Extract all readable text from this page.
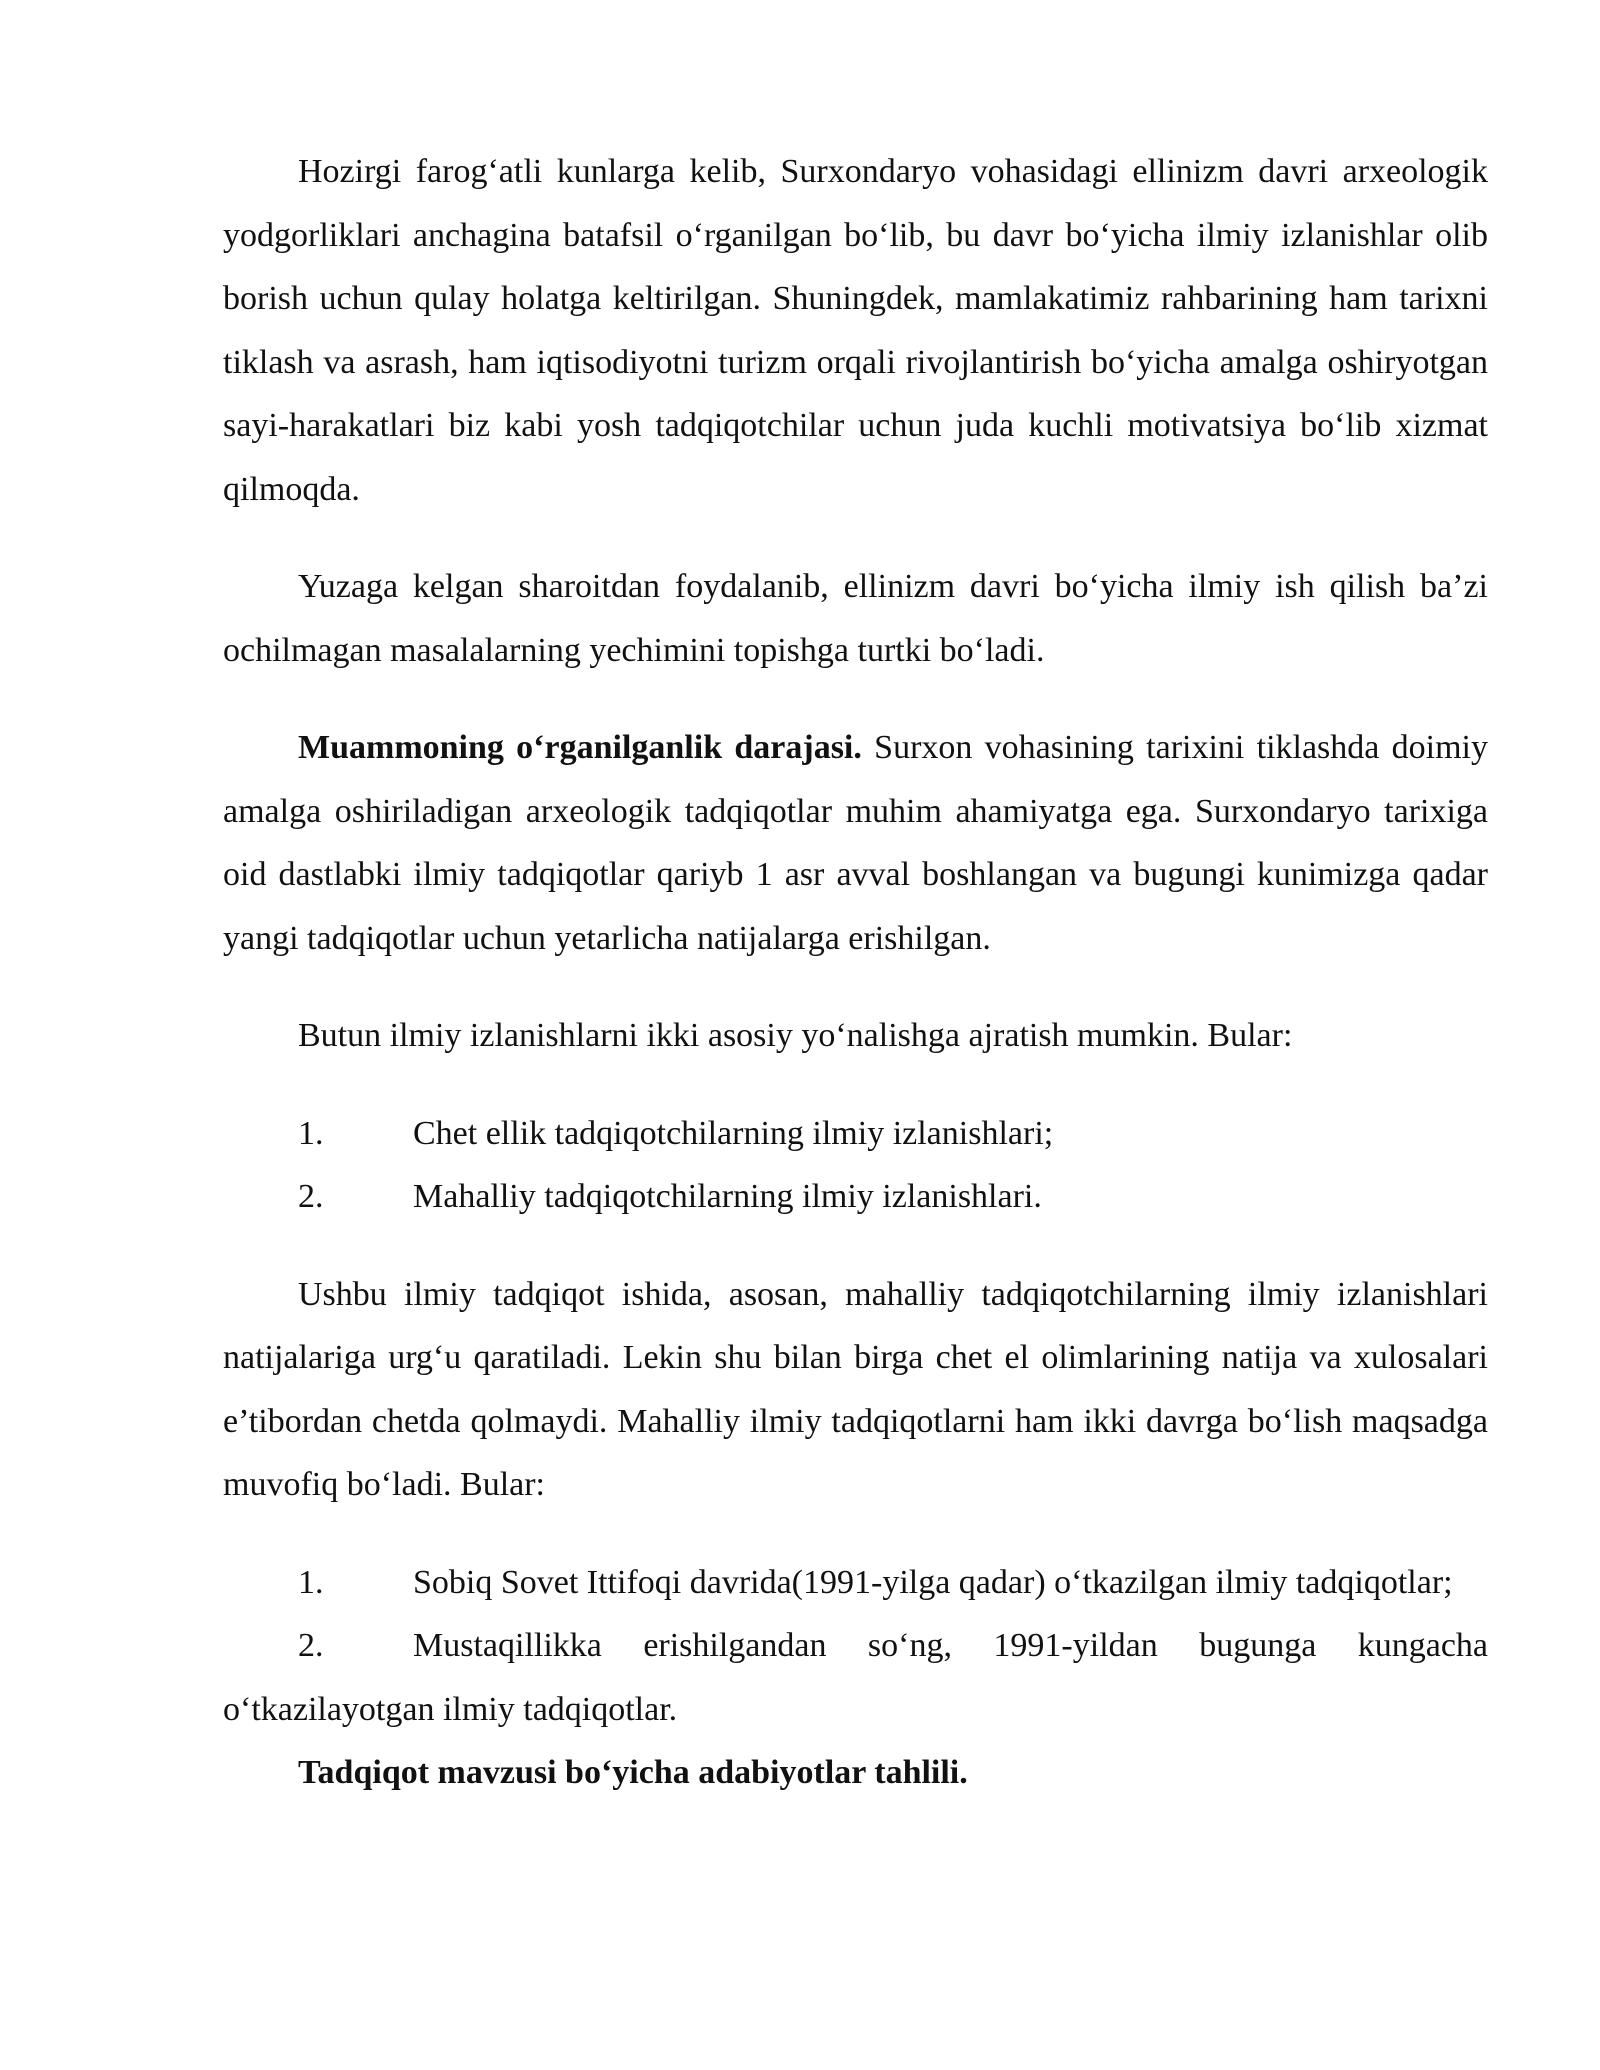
Hozirgi farog‘atli kunlarga kelib, Surxondaryo vohasidagi ellinizm davri arxeologik yodgorliklari anchagina batafsil o‘rganilgan bo‘lib, bu davr bo‘yicha ilmiy izlanishlar olib borish uchun qulay holatga keltirilgan. Shuningdek, mamlakatimiz rahbarining ham tarixni tiklash va asrash, ham iqtisodiyotni turizm orqali rivojlantirish bo‘yicha amalga oshiryotgan sayi-harakatlari biz kabi yosh tadqiqotchilar uchun juda kuchli motivatsiya bo‘lib xizmat qilmoqda.

Yuzaga kelgan sharoitdan foydalanib, ellinizm davri bo‘yicha ilmiy ish qilish ba’zi ochilmagan masalalarning yechimini topishga turtki bo‘ladi.

Muammoning o‘rganilganlik darajasi. Surxon vohasining tarixini tiklashda doimiy amalga oshiriladigan arxeologik tadqiqotlar muhim ahamiyatga ega. Surxondaryo tarixiga oid dastlabki ilmiy tadqiqotlar qariyb 1 asr avval boshlangan va bugungi kunimizga qadar yangi tadqiqotlar uchun yetarlicha natijalarga erishilgan.

Butun ilmiy izlanishlarni ikki asosiy yo‘nalishga ajratish mumkin. Bular:

1.	Chet ellik tadqiqotchilarning ilmiy izlanishlari;

2.	Mahalliy tadqiqotchilarning ilmiy izlanishlari.

Ushbu ilmiy tadqiqot ishida, asosan, mahalliy tadqiqotchilarning ilmiy izlanishlari natijalariga urg‘u qaratiladi. Lekin shu bilan birga chet el olimlarining natija va xulosalari e’tibordan chetda qolmaydi. Mahalliy ilmiy tadqiqotlarni ham ikki davrga bo‘lish maqsadga muvofiq bo‘ladi. Bular:

1.	Sobiq Sovet Ittifoqi davrida(1991-yilga qadar) o‘tkazilgan ilmiy tadqiqotlar;

2.	Mustaqillikka erishilgandan so‘ng, 1991-yildan bugunga kungacha o‘tkazilayotgan ilmiy tadqiqotlar.

Tadqiqot mavzusi bo‘yicha adabiyotlar tahlili.
